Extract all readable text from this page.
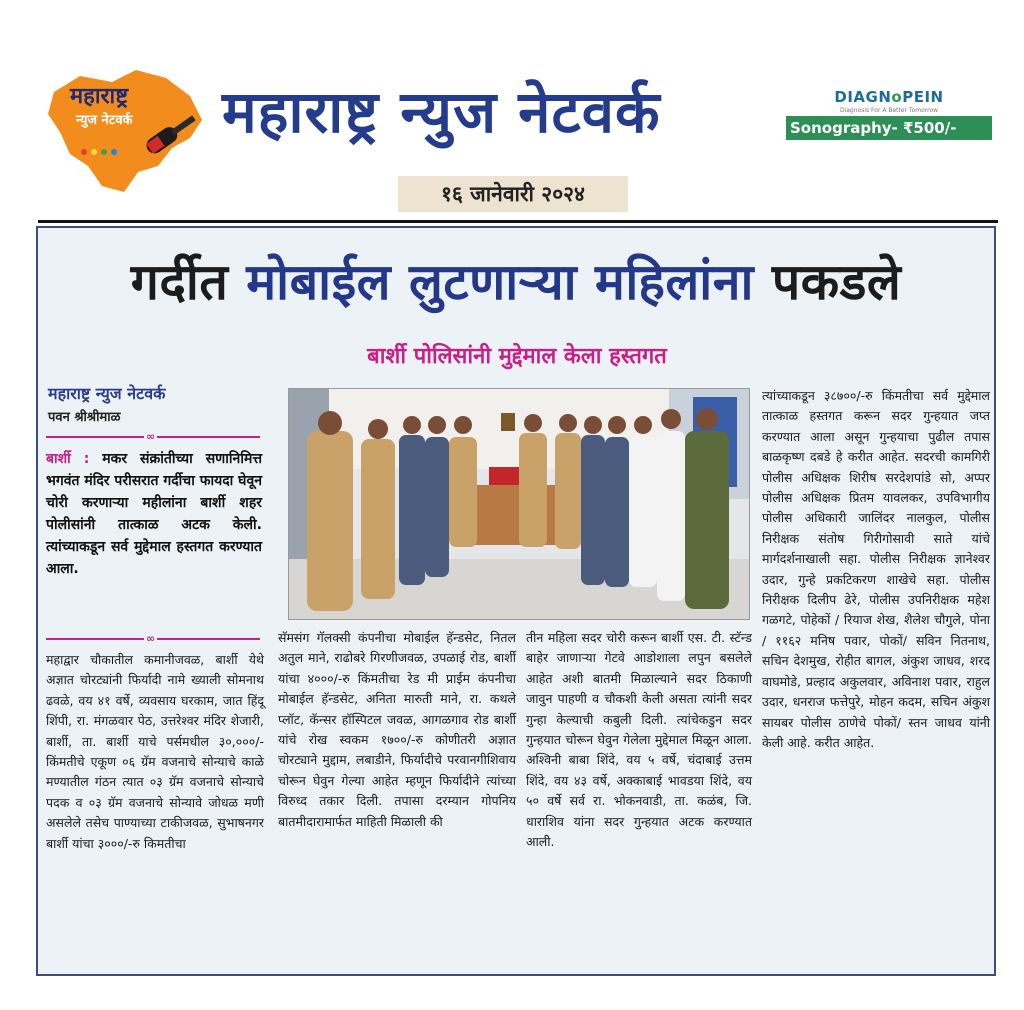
महाराष्ट्र
न्युज नेटवर्क
NEWS
महाराष्ट्र न्युज नेटवर्क
१६ जानेवारी २०२४
DIAGNoPEIN
Diagnosis For A Better Tomorrow
Sonography- ₹500/-
गर्दीत मोबाईल लुटणाऱ्या महिलांना पकडले
बार्शी पोलिसांनी मुद्देमाल केला हस्तगत
महाराष्ट्र न्युज नेटवर्क
पवन श्रीश्रीमाळ
∞
बार्शी : मकर संक्रांतीच्या सणानिमित्त भगवंत मंदिर परीसरात गर्दीचा फायदा घेवून चोरी करणाऱ्या महीलांना बार्शी शहर पोलीसांनी तात्काळ अटक केली. त्यांच्याकडून सर्व मुद्देमाल हस्तगत करण्यात आला.
∞
महाद्वार चौकातील कमानीजवळ, बार्शी येथे अज्ञात चोरट्यांनी फिर्यादी नामे ख्याली सोमनाथ ढवळे, वय ४१ वर्षे, व्यवसाय घरकाम, जात हिंदू शिंपी, रा. मंगळवार पेठ, उत्तरेश्वर मंदिर शेजारी, बार्शी, ता. बार्शी याचे पर्समधील ३०,०००/- किंमतीचे एकूण ०६ ग्रॅम वजनाचे सोन्याचे काळे मण्यातील गंठन त्यात ०३ ग्रॅम वजनाचे सोन्याचे पदक व ०३ ग्रॅम वजनाचे सोन्यावे जोधळ मणी असलेले तसेच पाण्याच्या टाकीजवळ, सुभाषनगर बार्शी यांचा ३०००/-रु किमतीचा
सॅमसंग गॅलक्सी कंपनीचा मोबाईल हॅन्डसेट, नितल अतुल माने, राढोबरे गिरणीजवळ, उपळाई रोड, बार्शी यांचा ४०००/-रु किंमतीचा रेड मी प्राईम कंपनीचा मोबाईल हॅन्डसेट, अनिता मारुती माने, रा. कथले प्लॉट, कॅन्सर हॉस्पिटल जवळ, आगळगाव रोड बार्शी यांचे रोख स्वकम १७००/-रु कोणीतरी अज्ञात चोरट्याने मुद्दाम, लबाडीने, फिर्यादीचे परवानगीशिवाय चोरून घेवुन गेल्या आहेत म्हणून फिर्यादीने त्यांच्या विरुध्द तकार दिली. तपासा दरम्यान गोपनिय बातमीदारामार्फत माहिती मिळाली की
तीन महिला सदर चोरी करून बार्शी एस. टी. स्टॅन्ड बाहेर जाणाऱ्या गेटवे आडोशाला लपुन बसलेले आहेत अशी बातमी मिळाल्याने सदर ठिकाणी जावुन पाहणी व चौकशी केली असता त्यांनी सदर गुन्हा केल्याची कबुली दिली. त्यांचेकडुन सदर गुन्हयात चोरून घेवुन गेलेला मुद्देमाल मिळून आला. अश्विनी बाबा शिंदे, वय ५ वर्षे, चंदाबाई उत्तम शिंदे, वय ४३ वर्षे, अक्काबाई भावडया शिंदे, वय ५० वर्षे सर्व रा. भोकनवाडी, ता. कळंब, जि. धाराशिव यांना सदर गुन्हयात अटक करण्यात आली.
त्यांच्याकडून ३८७००/-रु किंमतीचा सर्व मुद्देमाल तात्काळ हस्तगत करून सदर गुन्हयात जप्त करण्यात आला असून गुन्हयाचा पुढील तपास बाळकृष्ण दबडे हे करीत आहेत. सदरची कामगिरी पोलीस अधिक्षक शिरीष सरदेशपांडे सो, अप्पर पोलीस अधिक्षक प्रितम यावलकर, उपविभागीय पोलीस अधिकारी जालिंदर नालकुल, पोलीस निरीक्षक संतोष गिरीगोसावी साते यांचे मार्गदर्शनाखाली सहा. पोलीस निरीक्षक ज्ञानेश्वर उदार, गुन्हे प्रकटिकरण शाखेचे सहा. पोलीस निरीक्षक दिलीप ढेरे, पोलीस उपनिरीक्षक महेश गळगटे, पोहेकों / रियाज शेख, शैलेश चौगुले, पोना / ११६२ मनिष पवार, पोकों/ सविन नितनाथ, सचिन देशमुख, रोहीत बागल, अंकुश जाधव, शरद वाघमोडे, प्रल्हाद अकुलवार, अविनाश पवार, राहुल उदार, धनराज फत्तेपुरे, मोहन कदम, सचिन अंकुश सायबर पोलीस ठाणेचे पोकों/ स्तन जाधव यांनी केली आहे. करीत आहेत.
